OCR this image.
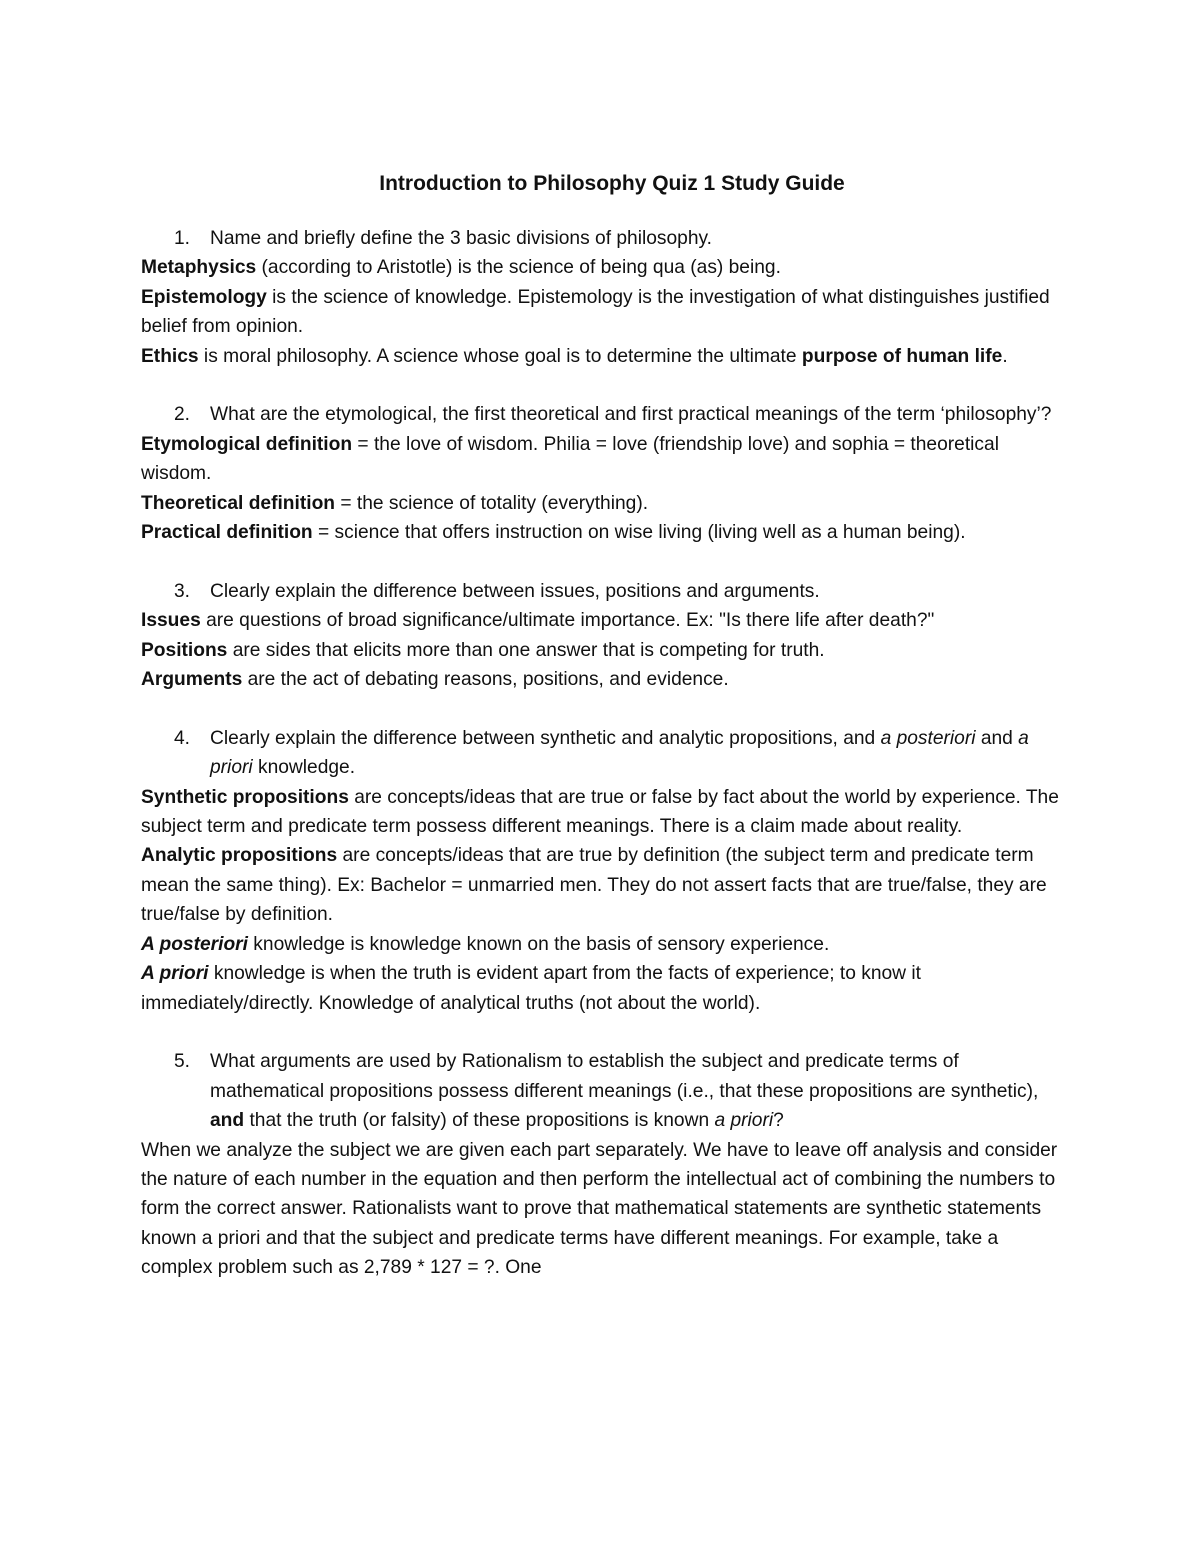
Introduction to Philosophy Quiz 1 Study Guide
1.	Name and briefly define the 3 basic divisions of philosophy.

Metaphysics (according to Aristotle) is the science of being qua (as) being.

Epistemology is the science of knowledge. Epistemology is the investigation of what distinguishes justified belief from opinion.

Ethics is moral philosophy. A science whose goal is to determine the ultimate purpose of human life.

2.	What are the etymological, the first theoretical and first practical meanings of the term ‘philosophy’?

Etymological definition = the love of wisdom. Philia = love (friendship love) and sophia = theoretical wisdom.

Theoretical definition = the science of totality (everything).

Practical definition = science that offers instruction on wise living (living well as a human being).

3.	Clearly explain the difference between issues, positions and arguments.

Issues are questions of broad significance/ultimate importance. Ex: "Is there life after death?"

Positions are sides that elicits more than one answer that is competing for truth.

Arguments are the act of debating reasons, positions, and evidence.

4.	Clearly explain the difference between synthetic and analytic propositions, and a posteriori and a priori knowledge.

Synthetic propositions are concepts/ideas that are true or false by fact about the world by experience. The subject term and predicate term possess different meanings. There is a claim made about reality.

Analytic propositions are concepts/ideas that are true by definition (the subject term and predicate term mean the same thing). Ex: Bachelor = unmarried men. They do not assert facts that are true/false, they are true/false by definition.

A posteriori knowledge is knowledge known on the basis of sensory experience.

A priori knowledge is when the truth is evident apart from the facts of experience; to know it immediately/directly. Knowledge of analytical truths (not about the world).

5.	What arguments are used by Rationalism to establish the subject and predicate terms of mathematical propositions possess different meanings (i.e., that these propositions are synthetic), and that the truth (or falsity) of these propositions is known a priori?

When we analyze the subject we are given each part separately. We have to leave off analysis and consider the nature of each number in the equation and then perform the intellectual act of combining the numbers to form the correct answer. Rationalists want to prove that mathematical statements are synthetic statements known a priori and that the subject and predicate terms have different meanings. For example, take a complex problem such as 2,789 * 127 = ?. One
